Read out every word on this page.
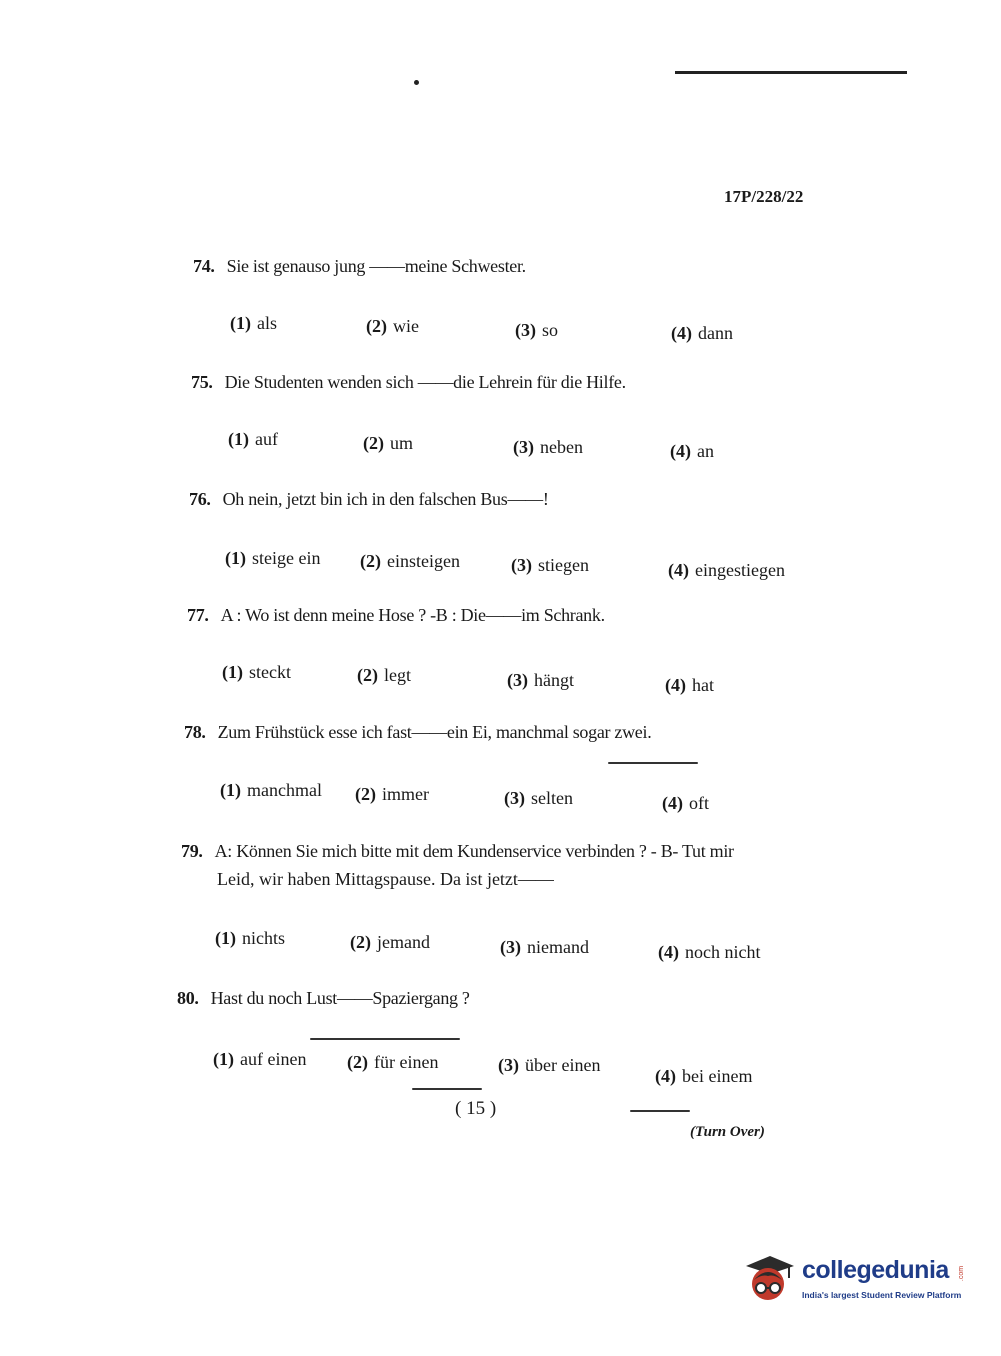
17P/228/22
74. Sie ist genauso jung ——meine Schwester.
(1) als	(2) wie	(3) so	(4) dann
75. Die Studenten wenden sich ——die Lehrein für die Hilfe.
(1) auf	(2) um	(3) neben	(4) an
76. Oh nein, jetzt bin ich in den falschen Bus——!
(1) steige ein (2) einsteigen	(3) stiegen	(4) eingestiegen
77. A : Wo ist denn meine Hose ? -B : Die——im Schrank.
(1) steckt	(2) legt	(3) hängt	(4) hat
78. Zum Frühstück esse ich fast——ein Ei, manchmal sogar zwei.
(1) manchmal (2) immer	(3) selten	(4) oft
79. A: Können Sie mich bitte mit dem Kundenservice verbinden ? - B- Tut mir
Leid, wir haben Mittagspause. Da ist jetzt——
(1) nichts	(2) jemand	(3) niemand	(4) noch nicht
80. Hast du noch Lust——Spaziergang ?
(1) auf einen (2) für einen	(3) über einen
(4) bei einem
( 15 )
(Turn Over)
collegedunia .com
India's largest Student Review Platform
